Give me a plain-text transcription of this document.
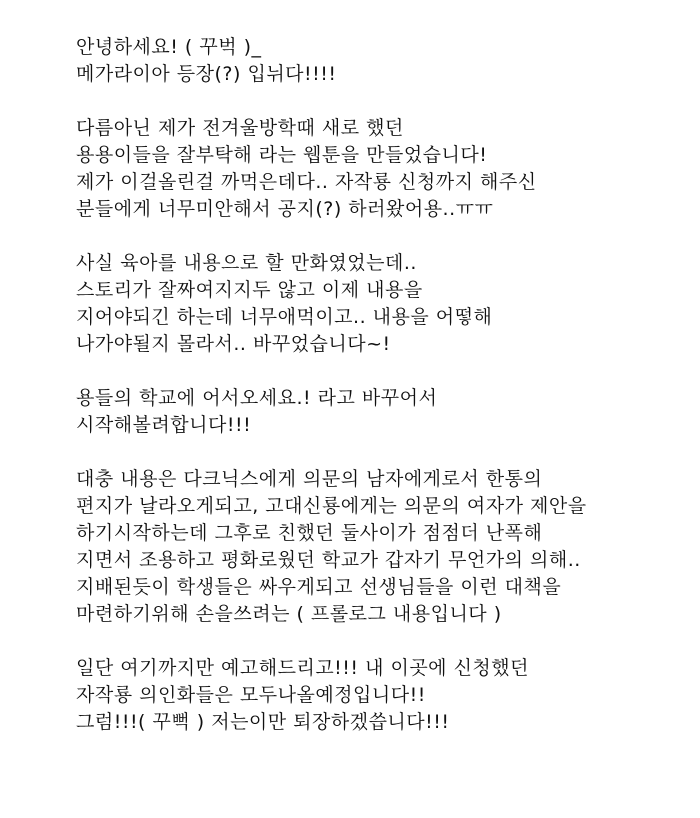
안녕하세요! ( 꾸벅 )_
메가라이아 등장(?) 입뉘다!!!!

다름아닌 제가 전겨울방학때 새로 했던
용용이들을 잘부탁해 라는 웹툰을 만들었습니다!
제가 이걸올린걸 까먹은데다.. 자작룡 신청까지 해주신
분들에게 너무미안해서 공지(?) 하러왔어용..ㅠㅠ

사실 육아를 내용으로 할 만화였었는데..
스토리가 잘짜여지지두 않고 이제 내용을
지어야되긴 하는데 너무애먹이고.. 내용을 어떻해
나가야될지 몰라서.. 바꾸었습니다~!

용들의 학교에 어서오세요.! 라고 바꾸어서
시작해볼려합니다!!!

대충 내용은 다크닉스에게 의문의 남자에게로서 한통의
편지가 날라오게되고, 고대신룡에게는 의문의 여자가 제안을
하기시작하는데 그후로 친했던 둘사이가 점점더 난폭해
지면서 조용하고 평화로웠던 학교가 갑자기 무언가의 의해..
지배된듯이 학생들은 싸우게되고 선생님들을 이런 대책을
마련하기위해 손을쓰려는 ( 프롤로그 내용입니다 )

일단 여기까지만 예고해드리고!!! 내 이곳에 신청했던
자작룡 의인화들은 모두나올예정입니다!!
그럼!!!( 꾸뻑 ) 저는이만 퇴장하겠씁니다!!!
